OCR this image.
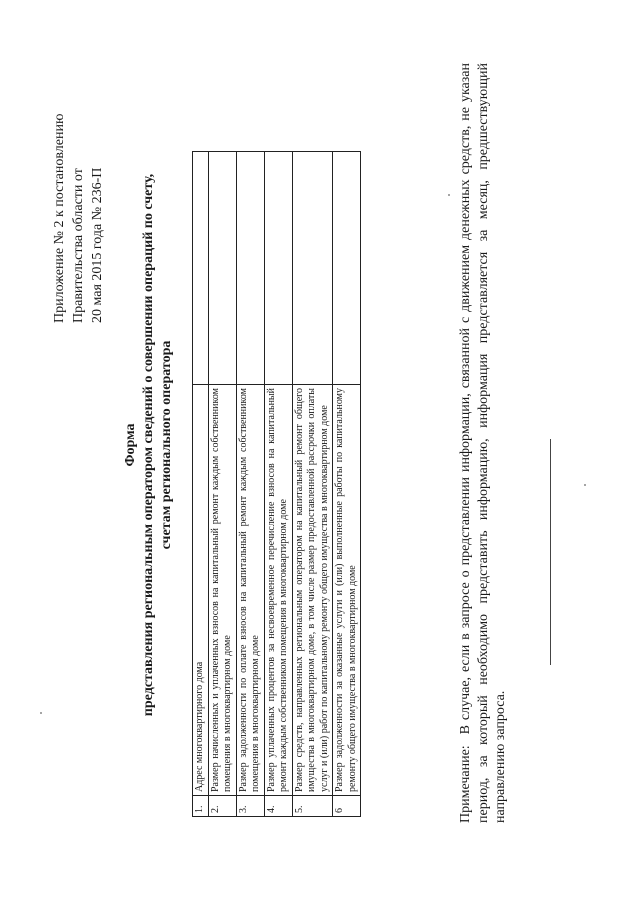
Приложение № 2 к постановлению Правительства области от 20 мая 2015 года № 236-П
Форма представления региональным оператором сведений о совершении операций по счету, счетам регионального оператора
1.	Адрес многоквартирного дома	
2.	Размер начисленных и уплаченных взносов на капитальный ремонт каждым собственником помещения в многоквартирном доме	
3.	Размер задолженности по оплате взносов на капитальный ремонт каждым собственником помещения в многоквартирном доме	
4.	Размер уплаченных процентов за несвоевременное перечисление взносов на капитальный ремонт каждым собственником помещения в многоквартирном доме	
5.	Размер средств, направленных региональным оператором на капитальный ремонт общего имущества в многоквартирном доме, в том числе размер предоставленной рассрочки оплаты услуг и (или) работ по капитальному ремонту общего имущества в многоквартирном доме	
6	Размер задолженности за оказанные услуги и (или) выполненные работы по капитальному ремонту общего имущества в многоквартирном доме		Примечание: В случае, если в запросе о представлении информации, связанной с движением денежных средств, не указан период, за который необходимо представить информацию, информация представляется за месяц, предшествующий направлению запроса.
